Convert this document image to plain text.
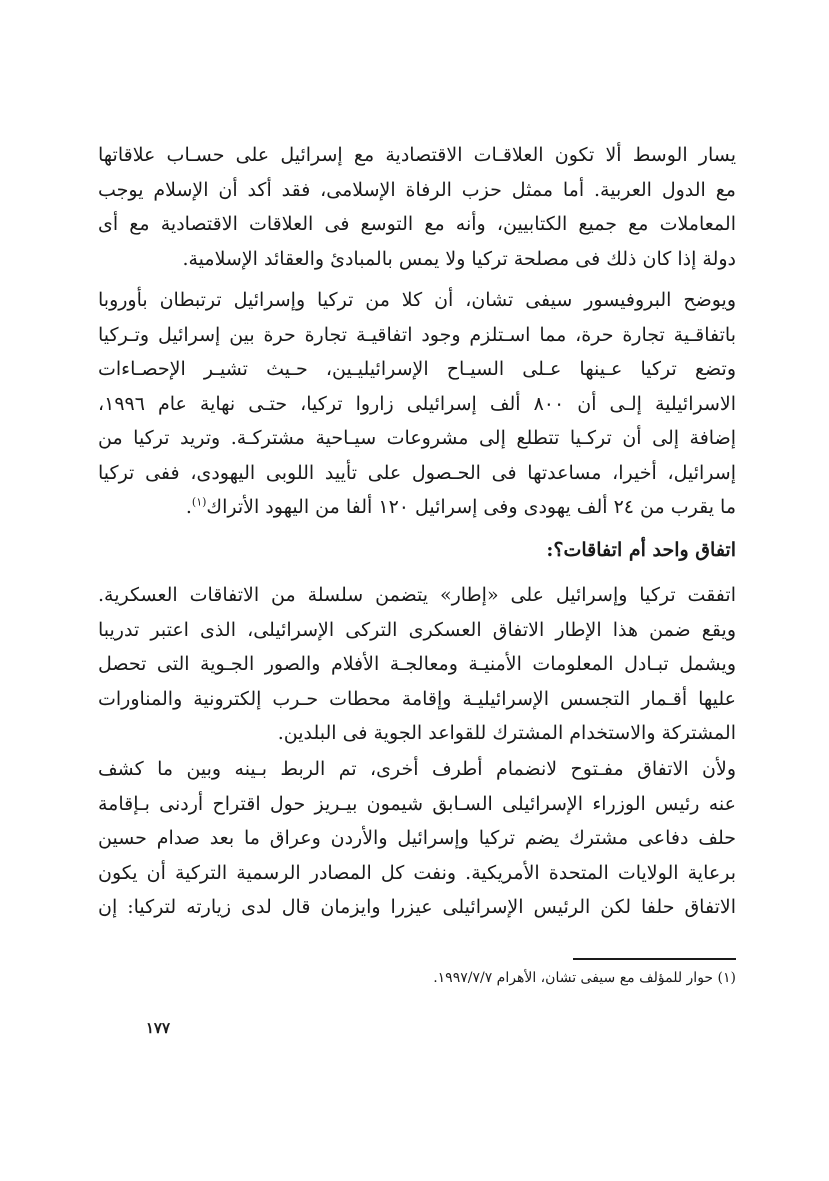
يسار الوسط ألا تكون العلاقـات الاقتصادية مع إسرائيل على حسـاب علاقاتها
مع الدول العربية. أما ممثل حزب الرفاة الإسلامى، فقد أكد أن الإسلام يوجب
المعاملات مع جميع الكتابيين، وأنه مع التوسع فى العلاقات الاقتصادية مع أى
دولة إذا كان ذلك فى مصلحة تركيا ولا يمس بالمبادئ والعقائد الإسلامية.
ويوضح البروفيسور سيفى تشان، أن كلا من تركيا وإسرائيل ترتبطان بأوروبا
باتفاقـية تجارة حرة، مما اسـتلزم وجود اتفاقيـة تجارة حرة بين إسرائيل وتـركيا
وتضع تركيا عـينها عـلى السيـاح الإسرائيليـين، حـيث تشيـر الإحصـاءات
الاسرائيلية إلـى أن ٨٠٠ ألف إسرائيلى زاروا تركيا، حتـى نهاية عام ١٩٩٦،
إضافة إلى أن تركـيا تتطلع إلى مشروعات سيـاحية مشتركـة. وتريد تركيا من
إسرائيل، أخيرا، مساعدتها فى الحـصول على تأييد اللوبى اليهودى، ففى تركيا
ما يقرب من ٢٤ ألف يهودى وفى إسرائيل ١٢٠ ألفا من اليهود الأتراك$^{(١)}$.
اتفاق واحد أم اتفاقات؟:
اتفقت تركيا وإسرائيل على «إطار» يتضمن سلسلة من الاتفاقات العسكرية.
ويقع ضمن هذا الإطار الاتفاق العسكرى التركى الإسرائيلى، الذى اعتبر تدريبا
ويشمل تبـادل المعلومات الأمنيـة ومعالجـة الأفلام والصور الجـوية التى تحصل
عليها أقـمار التجسس الإسرائيليـة وإقامة محطات حـرب إلكترونية والمناورات
المشتركة والاستخدام المشترك للقواعد الجوية فى البلدين.
ولأن الاتفاق مفـتوح لانضمام أطرف أخرى، تم الربط بـينه وبين ما كشف
عنه رئيس الوزراء الإسرائيلى السـابق شيمون بيـريز حول اقتراح أردنى بـإقامة
حلف دفاعى مشترك يضم تركيا وإسرائيل والأردن وعراق ما بعد صدام حسين
برعاية الولايات المتحدة الأمريكية. ونفت كل المصادر الرسمية التركية أن يكون
الاتفاق حلفا لكن الرئيس الإسرائيلى عيزرا وايزمان قال لدى زيارته لتركيا: إن

(١) حوار للمؤلف مع سيفى تشان، الأهرام ١٩٩٧/٧/٧.

١٧٧
